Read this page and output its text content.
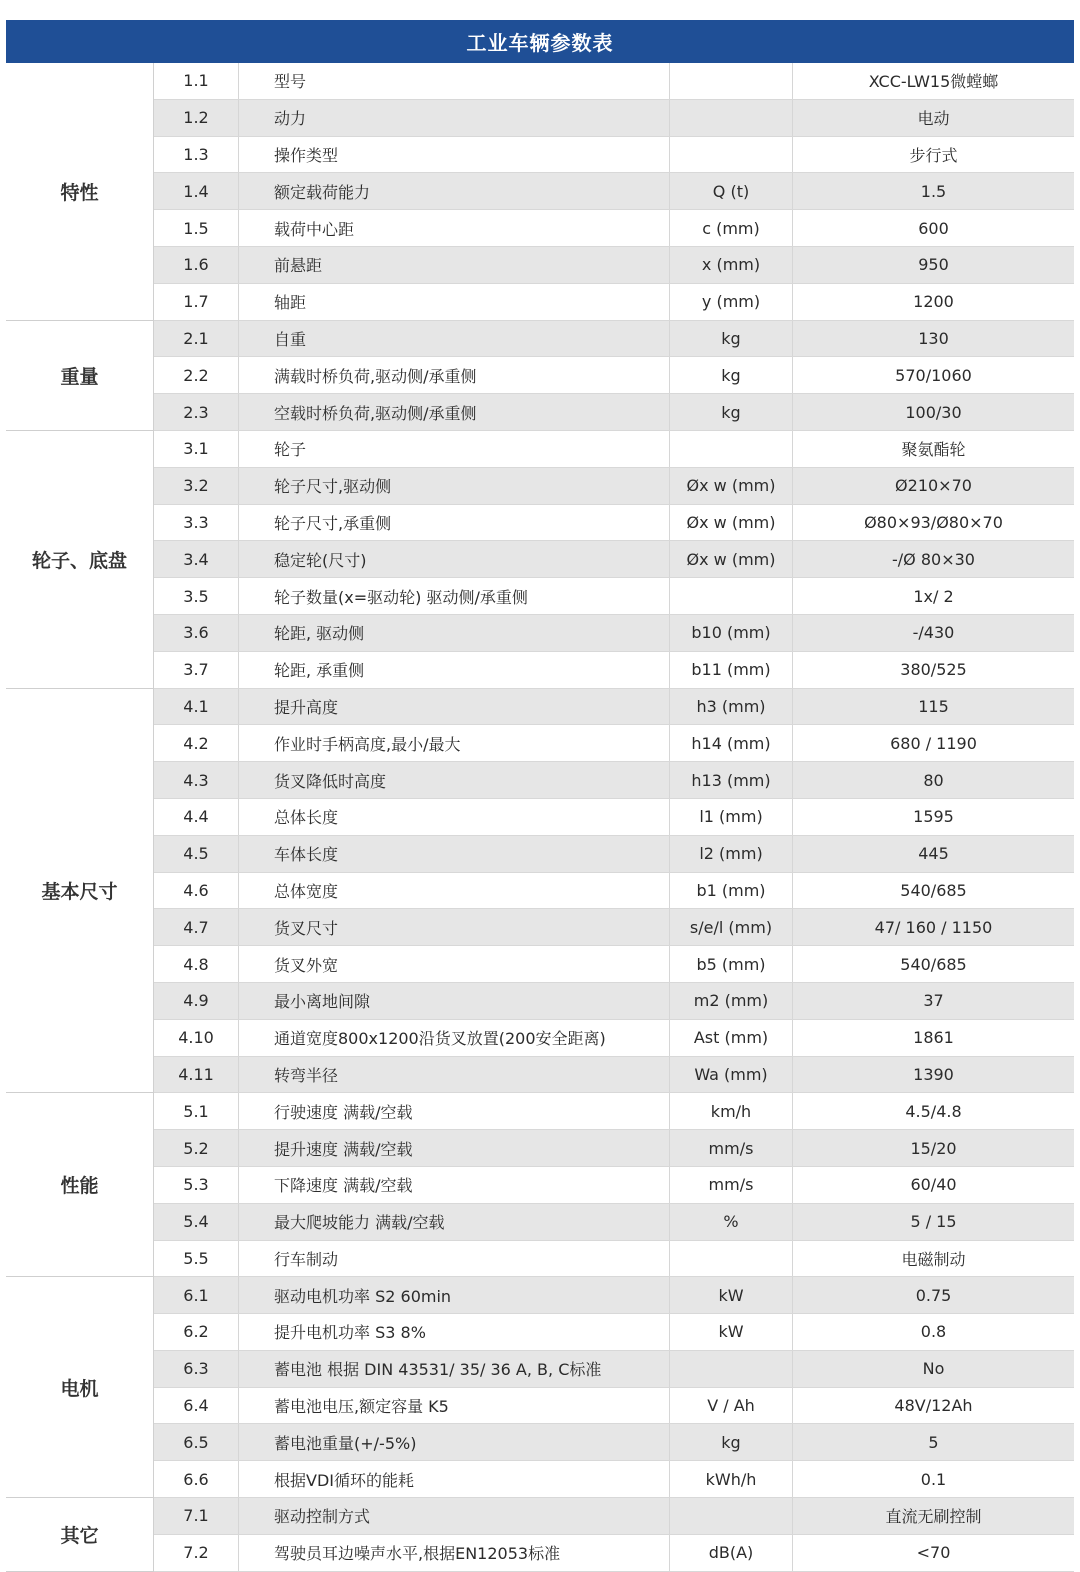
工业车辆参数表
特性	1.1	型号		XCC-LW15微螳螂
	1.2	动力		电动
	1.3	操作类型		步行式
	1.4	额定载荷能力	Q (t)	1.5
	1.5	载荷中心距	c (mm)	600
	1.6	前悬距	x (mm)	950
	1.7	轴距	y (mm)	1200
重量	2.1	自重	kg	130
	2.2	满载时桥负荷,驱动侧/承重侧	kg	570/1060
	2.3	空载时桥负荷,驱动侧/承重侧	kg	100/30
轮子、底盘	3.1	轮子		聚氨酯轮
	3.2	轮子尺寸,驱动侧	Øx w (mm)	Ø210×70
	3.3	轮子尺寸,承重侧	Øx w (mm)	Ø80×93/Ø80×70
	3.4	稳定轮(尺寸)	Øx w (mm)	-/Ø 80×30
	3.5	轮子数量(x=驱动轮) 驱动侧/承重侧		1x/ 2
	3.6	轮距, 驱动侧	b10 (mm)	-/430
	3.7	轮距, 承重侧	b11 (mm)	380/525
基本尺寸	4.1	提升高度	h3 (mm)	115
	4.2	作业时手柄高度,最小/最大	h14 (mm)	680 / 1190
	4.3	货叉降低时高度	h13 (mm)	80
	4.4	总体长度	l1 (mm)	1595
	4.5	车体长度	l2 (mm)	445
	4.6	总体宽度	b1 (mm)	540/685
	4.7	货叉尺寸	s/e/l (mm)	47/ 160 / 1150
	4.8	货叉外宽	b5 (mm)	540/685
	4.9	最小离地间隙	m2 (mm)	37
	4.10	通道宽度800x1200沿货叉放置(200安全距离)	Ast (mm)	1861
	4.11	转弯半径	Wa (mm)	1390
性能	5.1	行驶速度 满载/空载	km/h	4.5/4.8
	5.2	提升速度 满载/空载	mm/s	15/20
	5.3	下降速度 满载/空载	mm/s	60/40
	5.4	最大爬坡能力 满载/空载	%	5 / 15
	5.5	行车制动		电磁制动
电机	6.1	驱动电机功率 S2 60min	kW	0.75
	6.2	提升电机功率 S3 8%	kW	0.8
	6.3	蓄电池 根据 DIN 43531/ 35/ 36 A, B, C标准		No
	6.4	蓄电池电压,额定容量 K5	V / Ah	48V/12Ah
	6.5	蓄电池重量(+/-5%)	kg	5
	6.6	根据VDI循环的能耗	kWh/h	0.1
其它	7.1	驱动控制方式		直流无刷控制
	7.2	驾驶员耳边噪声水平,根据EN12053标准	dB(A)	<70
